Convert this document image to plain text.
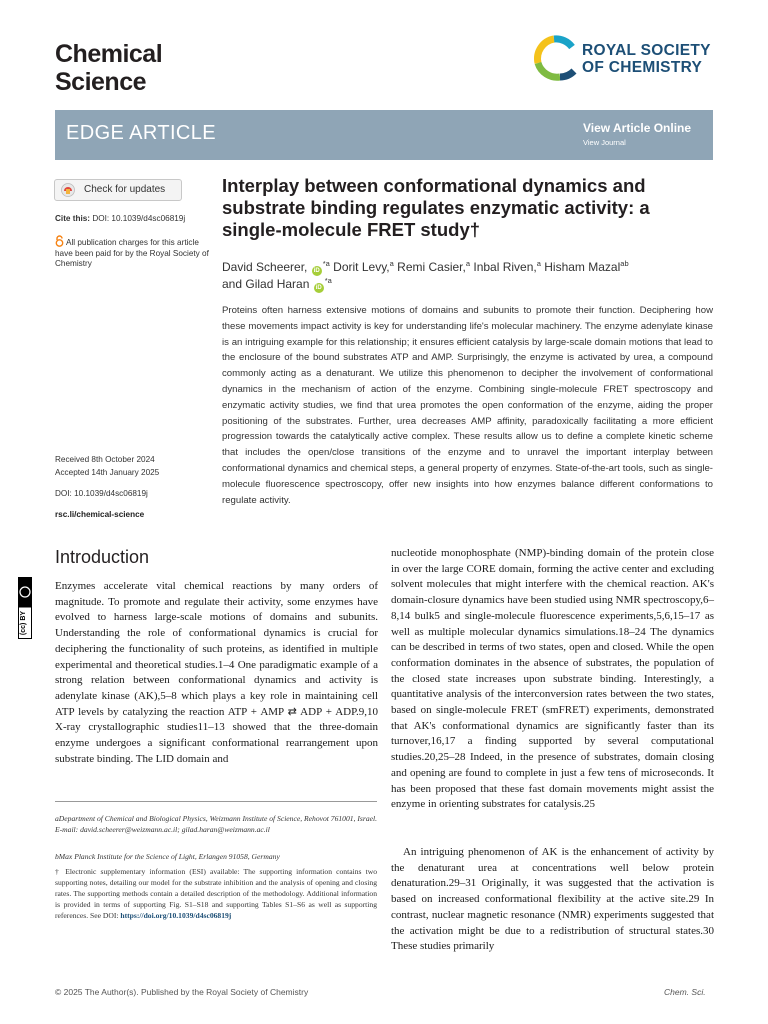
Chemical
Science
ROYAL SOCIETY
OF CHEMISTRY
EDGE ARTICLE	View Article Online
View Journal
Check for updates
Cite this: DOI: 10.1039/d4sc06819j
All publication charges for this article have been paid for by the Royal Society of Chemistry
Received 8th October 2024
Accepted 14th January 2025
DOI: 10.1039/d4sc06819j
rsc.li/chemical-science
Interplay between conformational dynamics and substrate binding regulates enzymatic activity: a single-molecule FRET study†
David Scheerer, $iD^{*a}$ Dorit Levy,$^a$ Remi Casier,$^a$ Inbal Riven,$^a$ Hisham Mazal$^{ab}$
and Gilad Haran $iD^{*a}$
Proteins often harness extensive motions of domains and subunits to promote their function. Deciphering how these movements impact activity is key for understanding life's molecular machinery. The enzyme adenylate kinase is an intriguing example for this relationship; it ensures efficient catalysis by large-scale domain motions that lead to the enclosure of the bound substrates ATP and AMP. Surprisingly, the enzyme is activated by urea, a compound commonly acting as a denaturant. We utilize this phenomenon to decipher the involvement of conformational dynamics in the mechanism of action of the enzyme. Combining single-molecule FRET spectroscopy and enzymatic activity studies, we find that urea promotes the open conformation of the enzyme, aiding the proper positioning of the substrates. Further, urea decreases AMP affinity, paradoxically facilitating a more efficient progression towards the catalytically active complex. These results allow us to define a complete kinetic scheme that includes the open/close transitions of the enzyme and to unravel the important interplay between conformational dynamics and chemical steps, a general property of enzymes. State-of-the-art tools, such as single-molecule fluorescence spectroscopy, offer new insights into how enzymes balance different conformations to regulate activity.
(cc) BY
Introduction
Enzymes accelerate vital chemical reactions by many orders of magnitude. To promote and regulate their activity, some enzymes have evolved to harness large-scale motions of domains and subunits. Understanding the role of conformational dynamics is crucial for deciphering the functionality of such proteins, as identified in multiple experimental and theoretical studies.1–4 One paradigmatic example of a strong relation between conformational dynamics and activity is adenylate kinase (AK),5–8 which plays a key role in maintaining cell ATP levels by catalyzing the reaction ATP + AMP ⇄ ADP + ADP.9,10 X-ray crystallographic studies11–13 showed that the three-domain enzyme undergoes a significant conformational rearrangement upon substrate binding. The LID domain and
nucleotide monophosphate (NMP)-binding domain of the protein close in over the large CORE domain, forming the active center and excluding solvent molecules that might interfere with the chemical reaction. AK's domain-closure dynamics have been studied using NMR spectroscopy,6–8,14 bulk5 and single-molecule fluorescence experiments,5,6,15–17 as well as multiple molecular dynamics simulations.18–24 The dynamics can be described in terms of two states, open and closed. While the open conformation dominates in the absence of substrates, the population of the closed state increases upon substrate binding. Interestingly, a quantitative analysis of the interconversion rates between the two states, based on single-molecule FRET (smFRET) experiments, demonstrated that AK's conformational dynamics are significantly faster than its turnover,16,17 a finding supported by several computational studies.20,25–28 Indeed, in the presence of substrates, domain closing and opening are found to complete in just a few tens of microseconds. It has been proposed that these fast domain movements might assist the enzyme in orienting substrates for catalysis.25
An intriguing phenomenon of AK is the enhancement of activity by the denaturant urea at concentrations well below protein denaturation.29–31 Originally, it was suggested that the activation is based on increased conformational flexibility at the active site.29 In contrast, nuclear magnetic resonance (NMR) experiments suggested that the activation might be due to a redistribution of structural states.30 These studies primarily
aDepartment of Chemical and Biological Physics, Weizmann Institute of Science, Rehovot 761001, Israel. E-mail: david.scheerer@weizmann.ac.il; gilad.haran@weizmann.ac.il
bMax Planck Institute for the Science of Light, Erlangen 91058, Germany
† Electronic supplementary information (ESI) available: The supporting information contains two supporting notes, detailing our model for the substrate inhibition and the analysis of opening and closing rates. The supporting methods contain a detailed description of the methodology. Additional information is provided in terms of supporting Fig. S1–S18 and supporting Tables S1–S6 as well as supporting references. See DOI: https://doi.org/10.1039/d4sc06819j
© 2025 The Author(s). Published by the Royal Society of Chemistry	Chem. Sci.
